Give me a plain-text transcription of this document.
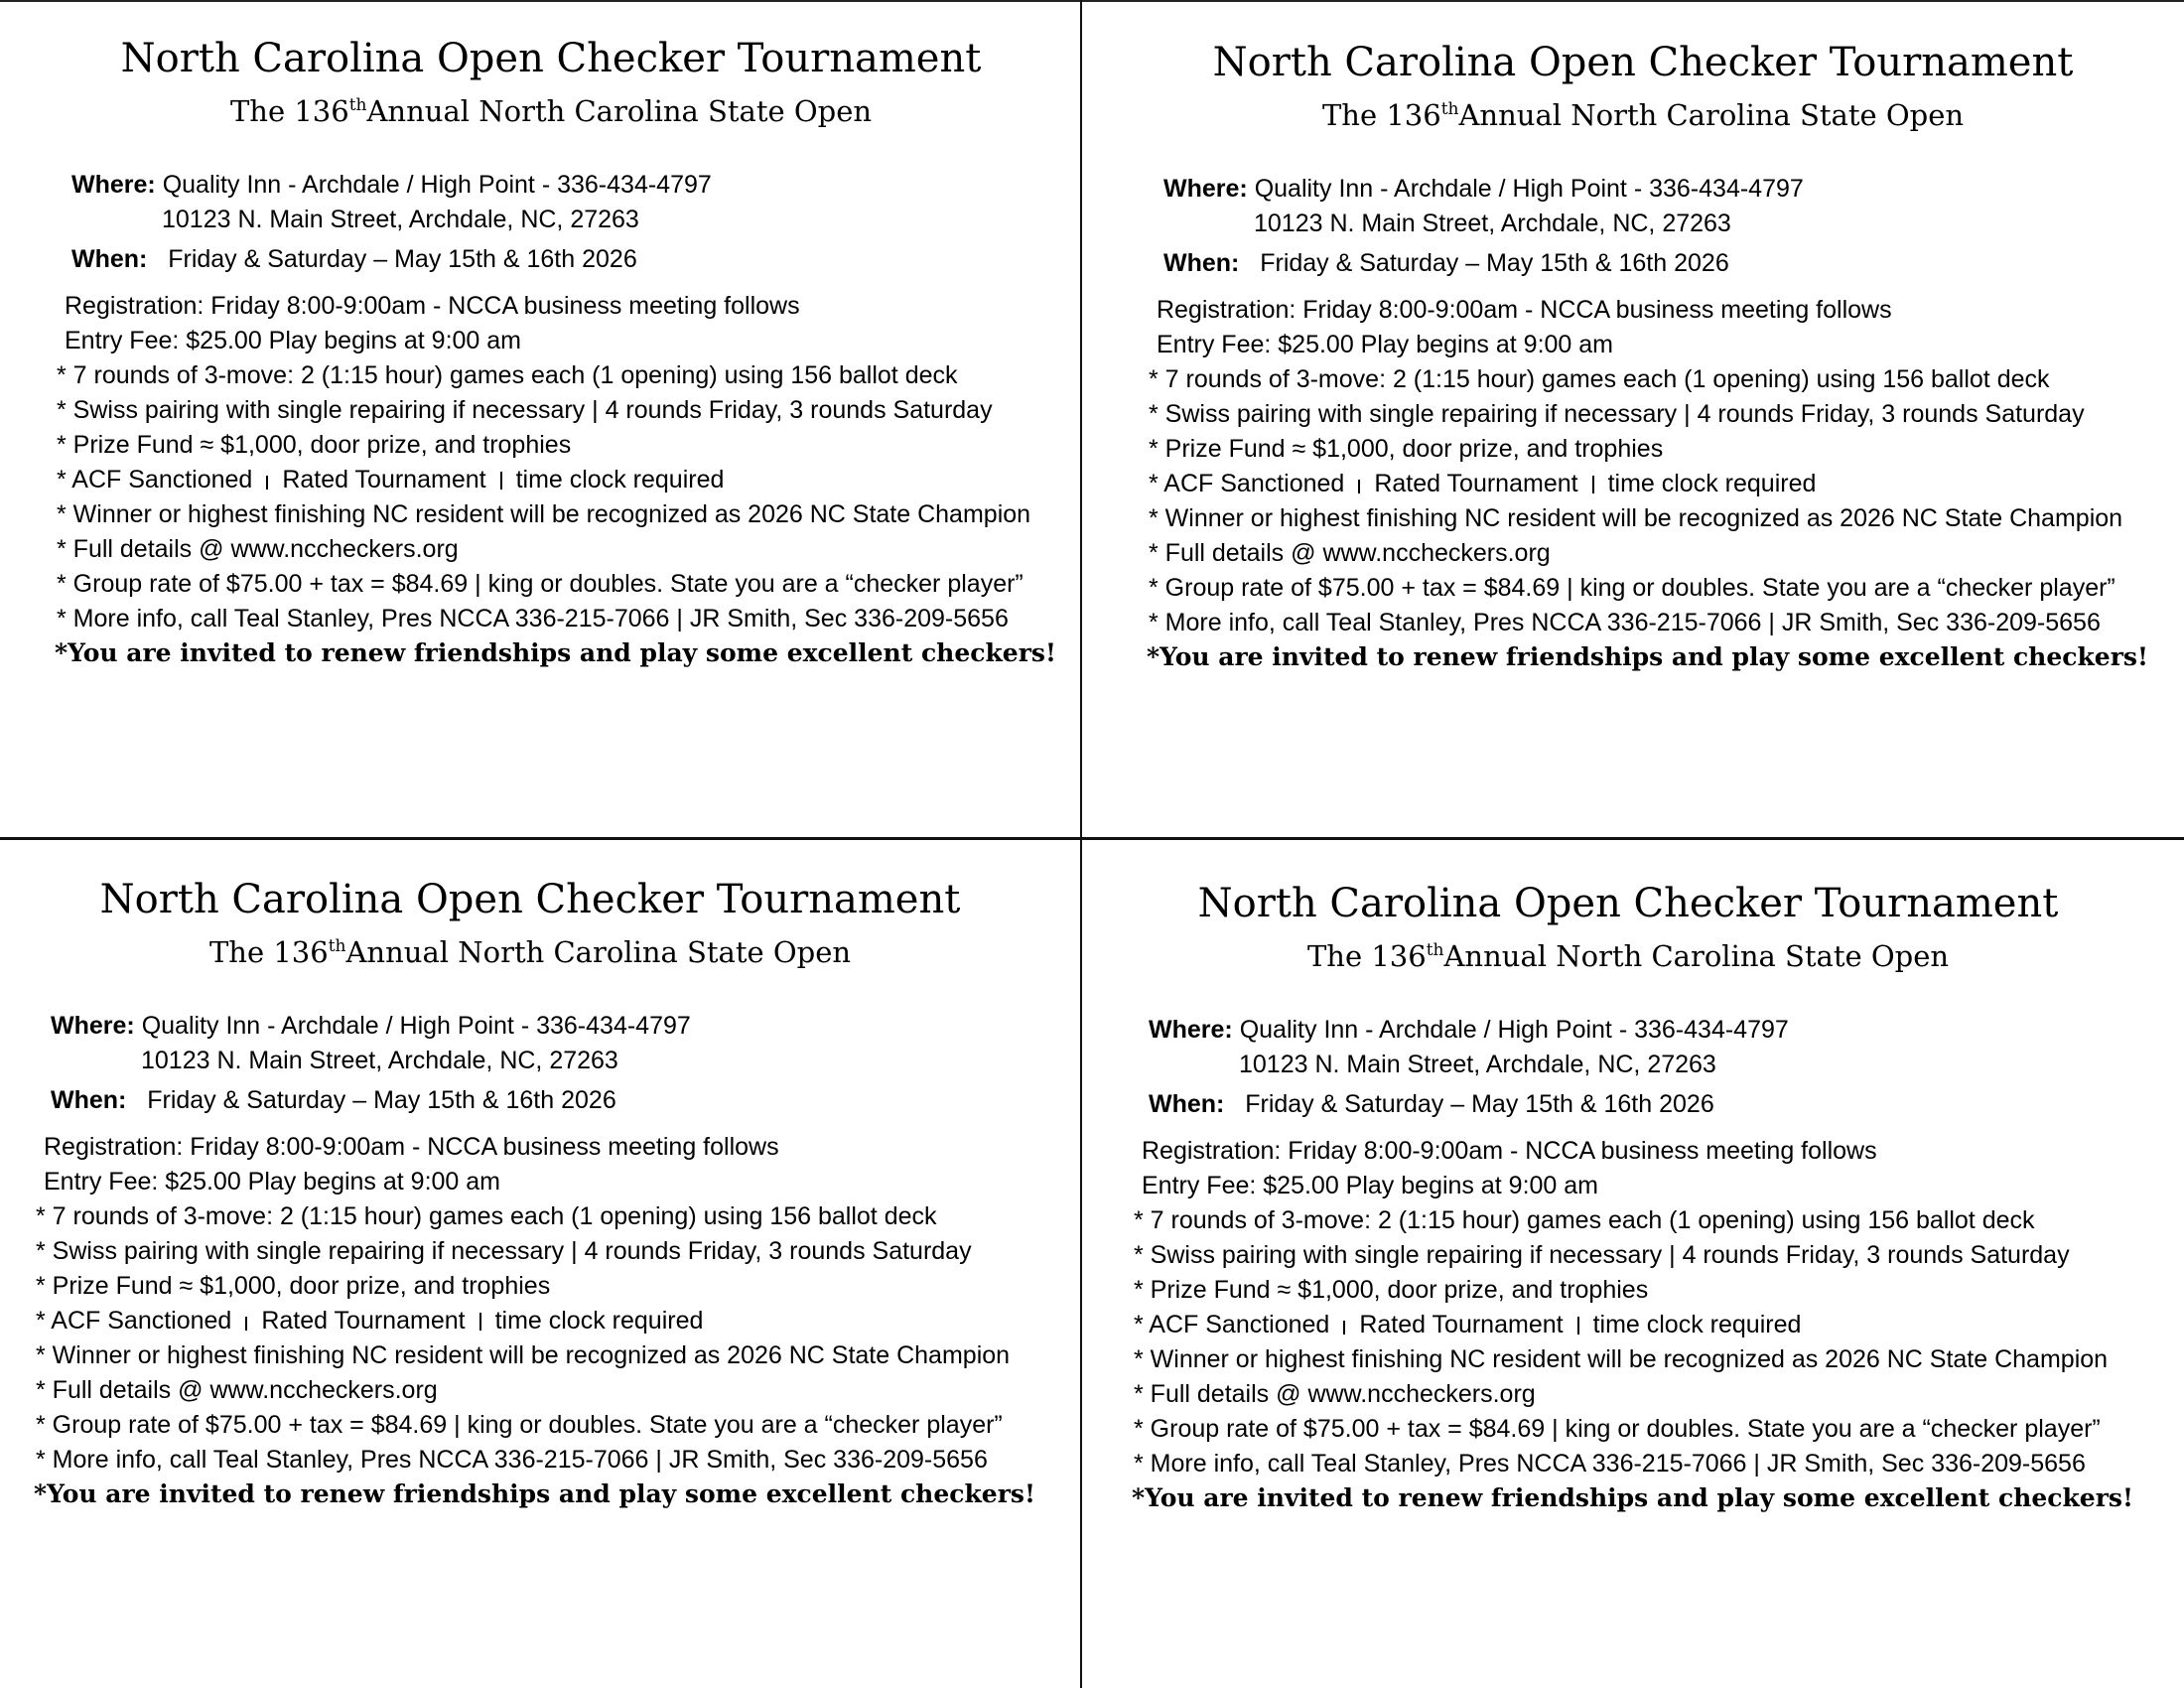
North Carolina Open Checker Tournament
The 136thAnnual North Carolina State Open
Where: Quality Inn - Archdale / High Point - 336-434-4797
10123 N. Main Street, Archdale, NC, 27263
When: Friday & Saturday – May 15th & 16th 2026
Registration: Friday 8:00-9:00am - NCCA business meeting follows
Entry Fee: $25.00 Play begins at 9:00 am
* 7 rounds of 3-move: 2 (1:15 hour) games each (1 opening) using 156 ballot deck
* Swiss pairing with single repairing if necessary | 4 rounds Friday, 3 rounds Saturday
* Prize Fund ≈ $1,000, door prize, and trophies
* ACF Sanctioned Rated Tournament time clock required
* Winner or highest finishing NC resident will be recognized as 2026 NC State Champion
* Full details @ www.nccheckers.org
* Group rate of $75.00 + tax = $84.69 | king or doubles. State you are a “checker player”
* More info, call Teal Stanley, Pres NCCA 336-215-7066 | JR Smith, Sec 336-209-5656
*You are invited to renew friendships and play some excellent checkers!
North Carolina Open Checker Tournament
The 136thAnnual North Carolina State Open
Where: Quality Inn - Archdale / High Point - 336-434-4797
10123 N. Main Street, Archdale, NC, 27263
When: Friday & Saturday – May 15th & 16th 2026
Registration: Friday 8:00-9:00am - NCCA business meeting follows
Entry Fee: $25.00 Play begins at 9:00 am
* 7 rounds of 3-move: 2 (1:15 hour) games each (1 opening) using 156 ballot deck
* Swiss pairing with single repairing if necessary | 4 rounds Friday, 3 rounds Saturday
* Prize Fund ≈ $1,000, door prize, and trophies
* ACF Sanctioned Rated Tournament time clock required
* Winner or highest finishing NC resident will be recognized as 2026 NC State Champion
* Full details @ www.nccheckers.org
* Group rate of $75.00 + tax = $84.69 | king or doubles. State you are a “checker player”
* More info, call Teal Stanley, Pres NCCA 336-215-7066 | JR Smith, Sec 336-209-5656
*You are invited to renew friendships and play some excellent checkers!
North Carolina Open Checker Tournament
The 136thAnnual North Carolina State Open
Where: Quality Inn - Archdale / High Point - 336-434-4797
10123 N. Main Street, Archdale, NC, 27263
When: Friday & Saturday – May 15th & 16th 2026
Registration: Friday 8:00-9:00am - NCCA business meeting follows
Entry Fee: $25.00 Play begins at 9:00 am
* 7 rounds of 3-move: 2 (1:15 hour) games each (1 opening) using 156 ballot deck
* Swiss pairing with single repairing if necessary | 4 rounds Friday, 3 rounds Saturday
* Prize Fund ≈ $1,000, door prize, and trophies
* ACF Sanctioned Rated Tournament time clock required
* Winner or highest finishing NC resident will be recognized as 2026 NC State Champion
* Full details @ www.nccheckers.org
* Group rate of $75.00 + tax = $84.69 | king or doubles. State you are a “checker player”
* More info, call Teal Stanley, Pres NCCA 336-215-7066 | JR Smith, Sec 336-209-5656
*You are invited to renew friendships and play some excellent checkers!
North Carolina Open Checker Tournament
The 136thAnnual North Carolina State Open
Where: Quality Inn - Archdale / High Point - 336-434-4797
10123 N. Main Street, Archdale, NC, 27263
When: Friday & Saturday – May 15th & 16th 2026
Registration: Friday 8:00-9:00am - NCCA business meeting follows
Entry Fee: $25.00 Play begins at 9:00 am
* 7 rounds of 3-move: 2 (1:15 hour) games each (1 opening) using 156 ballot deck
* Swiss pairing with single repairing if necessary | 4 rounds Friday, 3 rounds Saturday
* Prize Fund ≈ $1,000, door prize, and trophies
* ACF Sanctioned Rated Tournament time clock required
* Winner or highest finishing NC resident will be recognized as 2026 NC State Champion
* Full details @ www.nccheckers.org
* Group rate of $75.00 + tax = $84.69 | king or doubles. State you are a “checker player”
* More info, call Teal Stanley, Pres NCCA 336-215-7066 | JR Smith, Sec 336-209-5656
*You are invited to renew friendships and play some excellent checkers!
